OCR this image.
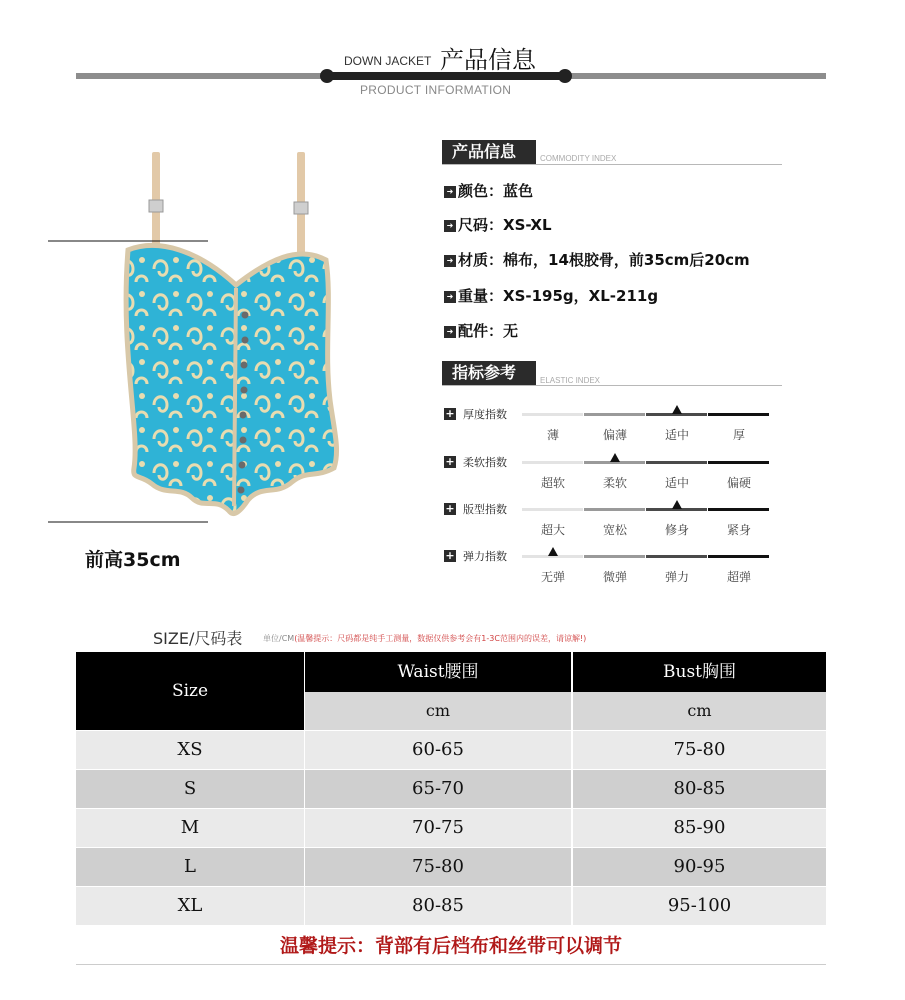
DOWN JACKET 产品信息
PRODUCT INFORMATION
前高35cm
产品信息	COMMODITY INDEX
➜ 颜色：蓝色
➜ 尺码：XS-XL
➜ 材质：棉布，14根胶骨，前35cm后20cm
➜ 重量：XS-195g，XL-211g
➜ 配件：无
指标参考	ELASTIC INDEX
+ 厚度指数
薄	偏薄	适中	厚
+ 柔软指数
超软	柔软	适中	偏硬
+ 版型指数
超大	宽松	修身	紧身
+ 弹力指数
无弹	微弹	弹力	超弹
SIZE/尺码表	单位/CM(温馨提示：尺码都是纯手工测量，数据仅供参考会有1-3C范围内的误差，请谅解!)
Size
Waist腰围	Bust胸围
cm	cm
XS	60-65	75-80
S	65-70	80-85
M	70-75	85-90
L	75-80	90-95
XL	80-85	95-100
温馨提示：背部有后档布和丝带可以调节
